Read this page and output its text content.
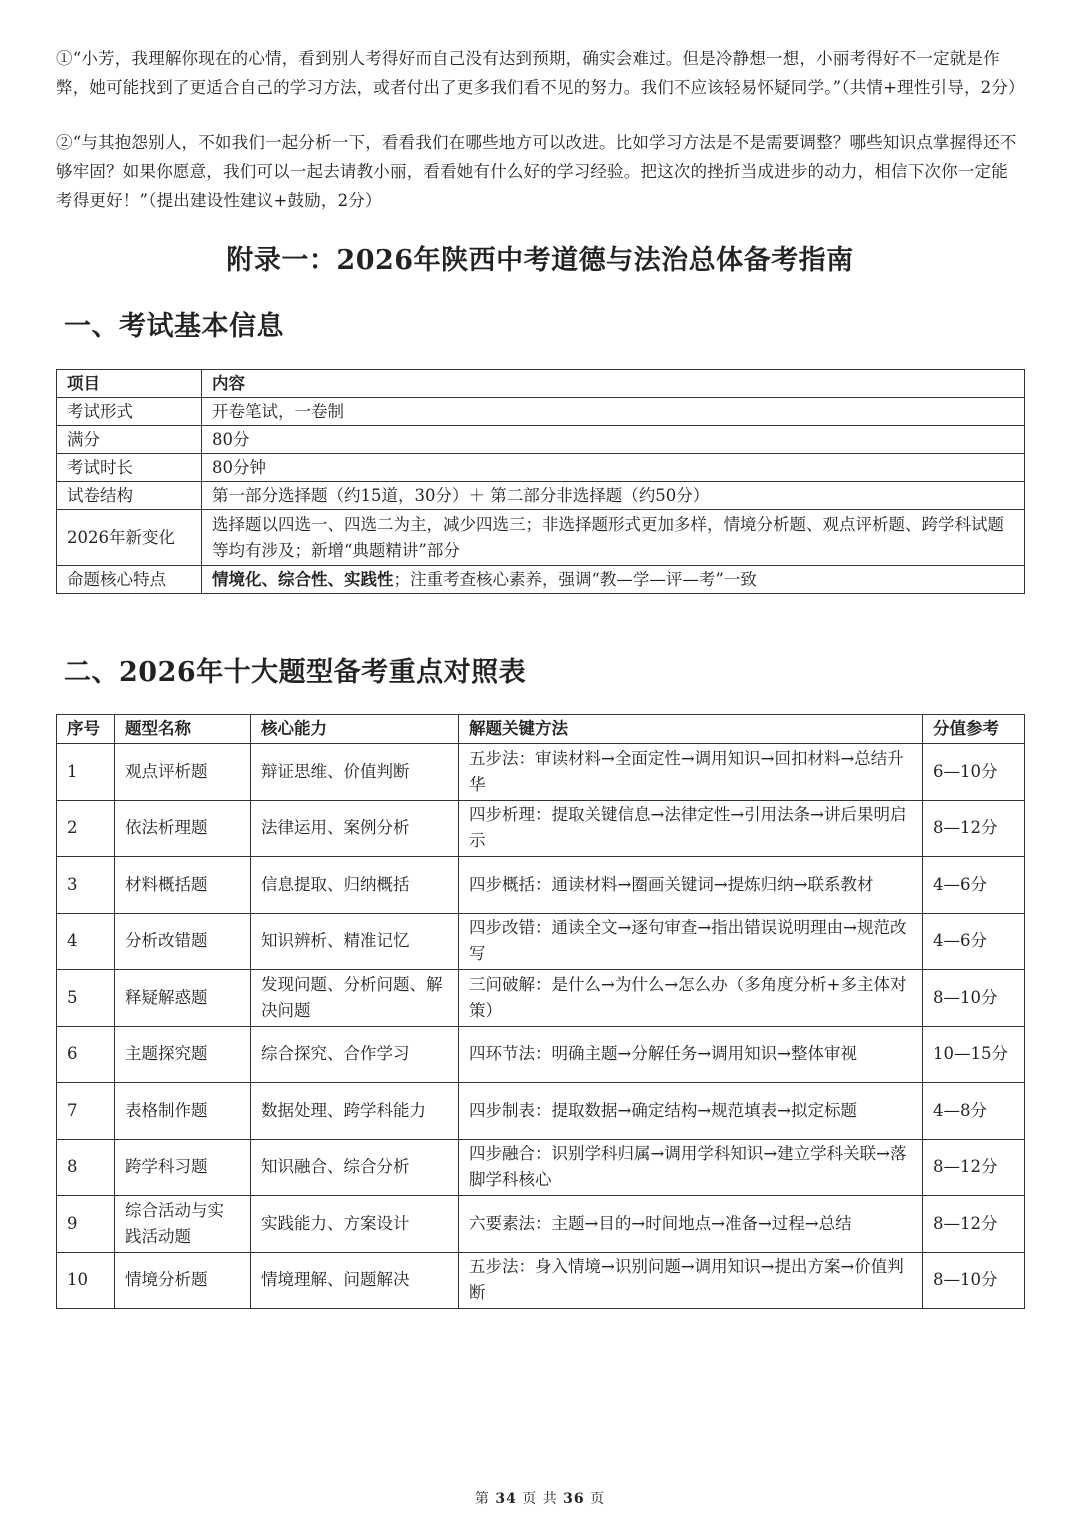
①“小芳，我理解你现在的心情，看到别人考得好而自己没有达到预期，确实会难过。但是冷静想一想，小丽考得好不一定就是作弊，她可能找到了更适合自己的学习方法，或者付出了更多我们看不见的努力。我们不应该轻易怀疑同学。”（共情+理性引导，2分）
②“与其抱怨别人，不如我们一起分析一下，看看我们在哪些地方可以改进。比如学习方法是不是需要调整？哪些知识点掌握得还不够牢固？如果你愿意，我们可以一起去请教小丽，看看她有什么好的学习经验。把这次的挫折当成进步的动力，相信下次你一定能考得更好！”（提出建设性建议+鼓励，2分）
附录一：2026年陕西中考道德与法治总体备考指南
一、考试基本信息
项目	内容
考试形式	开卷笔试，一卷制
满分	80分
考试时长	80分钟
试卷结构	第一部分选择题（约15道，30分）＋ 第二部分非选择题（约50分）
2026年新变化	选择题以四选一、四选二为主，减少四选三；非选择题形式更加多样，情境分析题、观点评析题、跨学科试题等均有涉及；新增“典题精讲”部分
命题核心特点	情境化、综合性、实践性；注重考查核心素养，强调“教—学—评—考”一致
二、2026年十大题型备考重点对照表
序号	题型名称	核心能力	解题关键方法	分值参考
1	观点评析题	辩证思维、价值判断	五步法：审读材料→全面定性→调用知识→回扣材料→总结升华	6—10分
2	依法析理题	法律运用、案例分析	四步析理：提取关键信息→法律定性→引用法条→讲后果明启示	8—12分
3	材料概括题	信息提取、归纳概括	四步概括：通读材料→圈画关键词→提炼归纳→联系教材	4—6分
4	分析改错题	知识辨析、精准记忆	四步改错：通读全文→逐句审查→指出错误说明理由→规范改写	4—6分
5	释疑解惑题	发现问题、分析问题、解决问题	三问破解：是什么→为什么→怎么办（多角度分析+多主体对策）	8—10分
6	主题探究题	综合探究、合作学习	四环节法：明确主题→分解任务→调用知识→整体审视	10—15分
7	表格制作题	数据处理、跨学科能力	四步制表：提取数据→确定结构→规范填表→拟定标题	4—8分
8	跨学科习题	知识融合、综合分析	四步融合：识别学科归属→调用学科知识→建立学科关联→落脚学科核心	8—12分
9	综合活动与实践活动题	实践能力、方案设计	六要素法：主题→目的→时间地点→准备→过程→总结	8—12分
10	情境分析题	情境理解、问题解决	五步法：身入情境→识别问题→调用知识→提出方案→价值判断	8—10分
第 34 页 共 36 页
